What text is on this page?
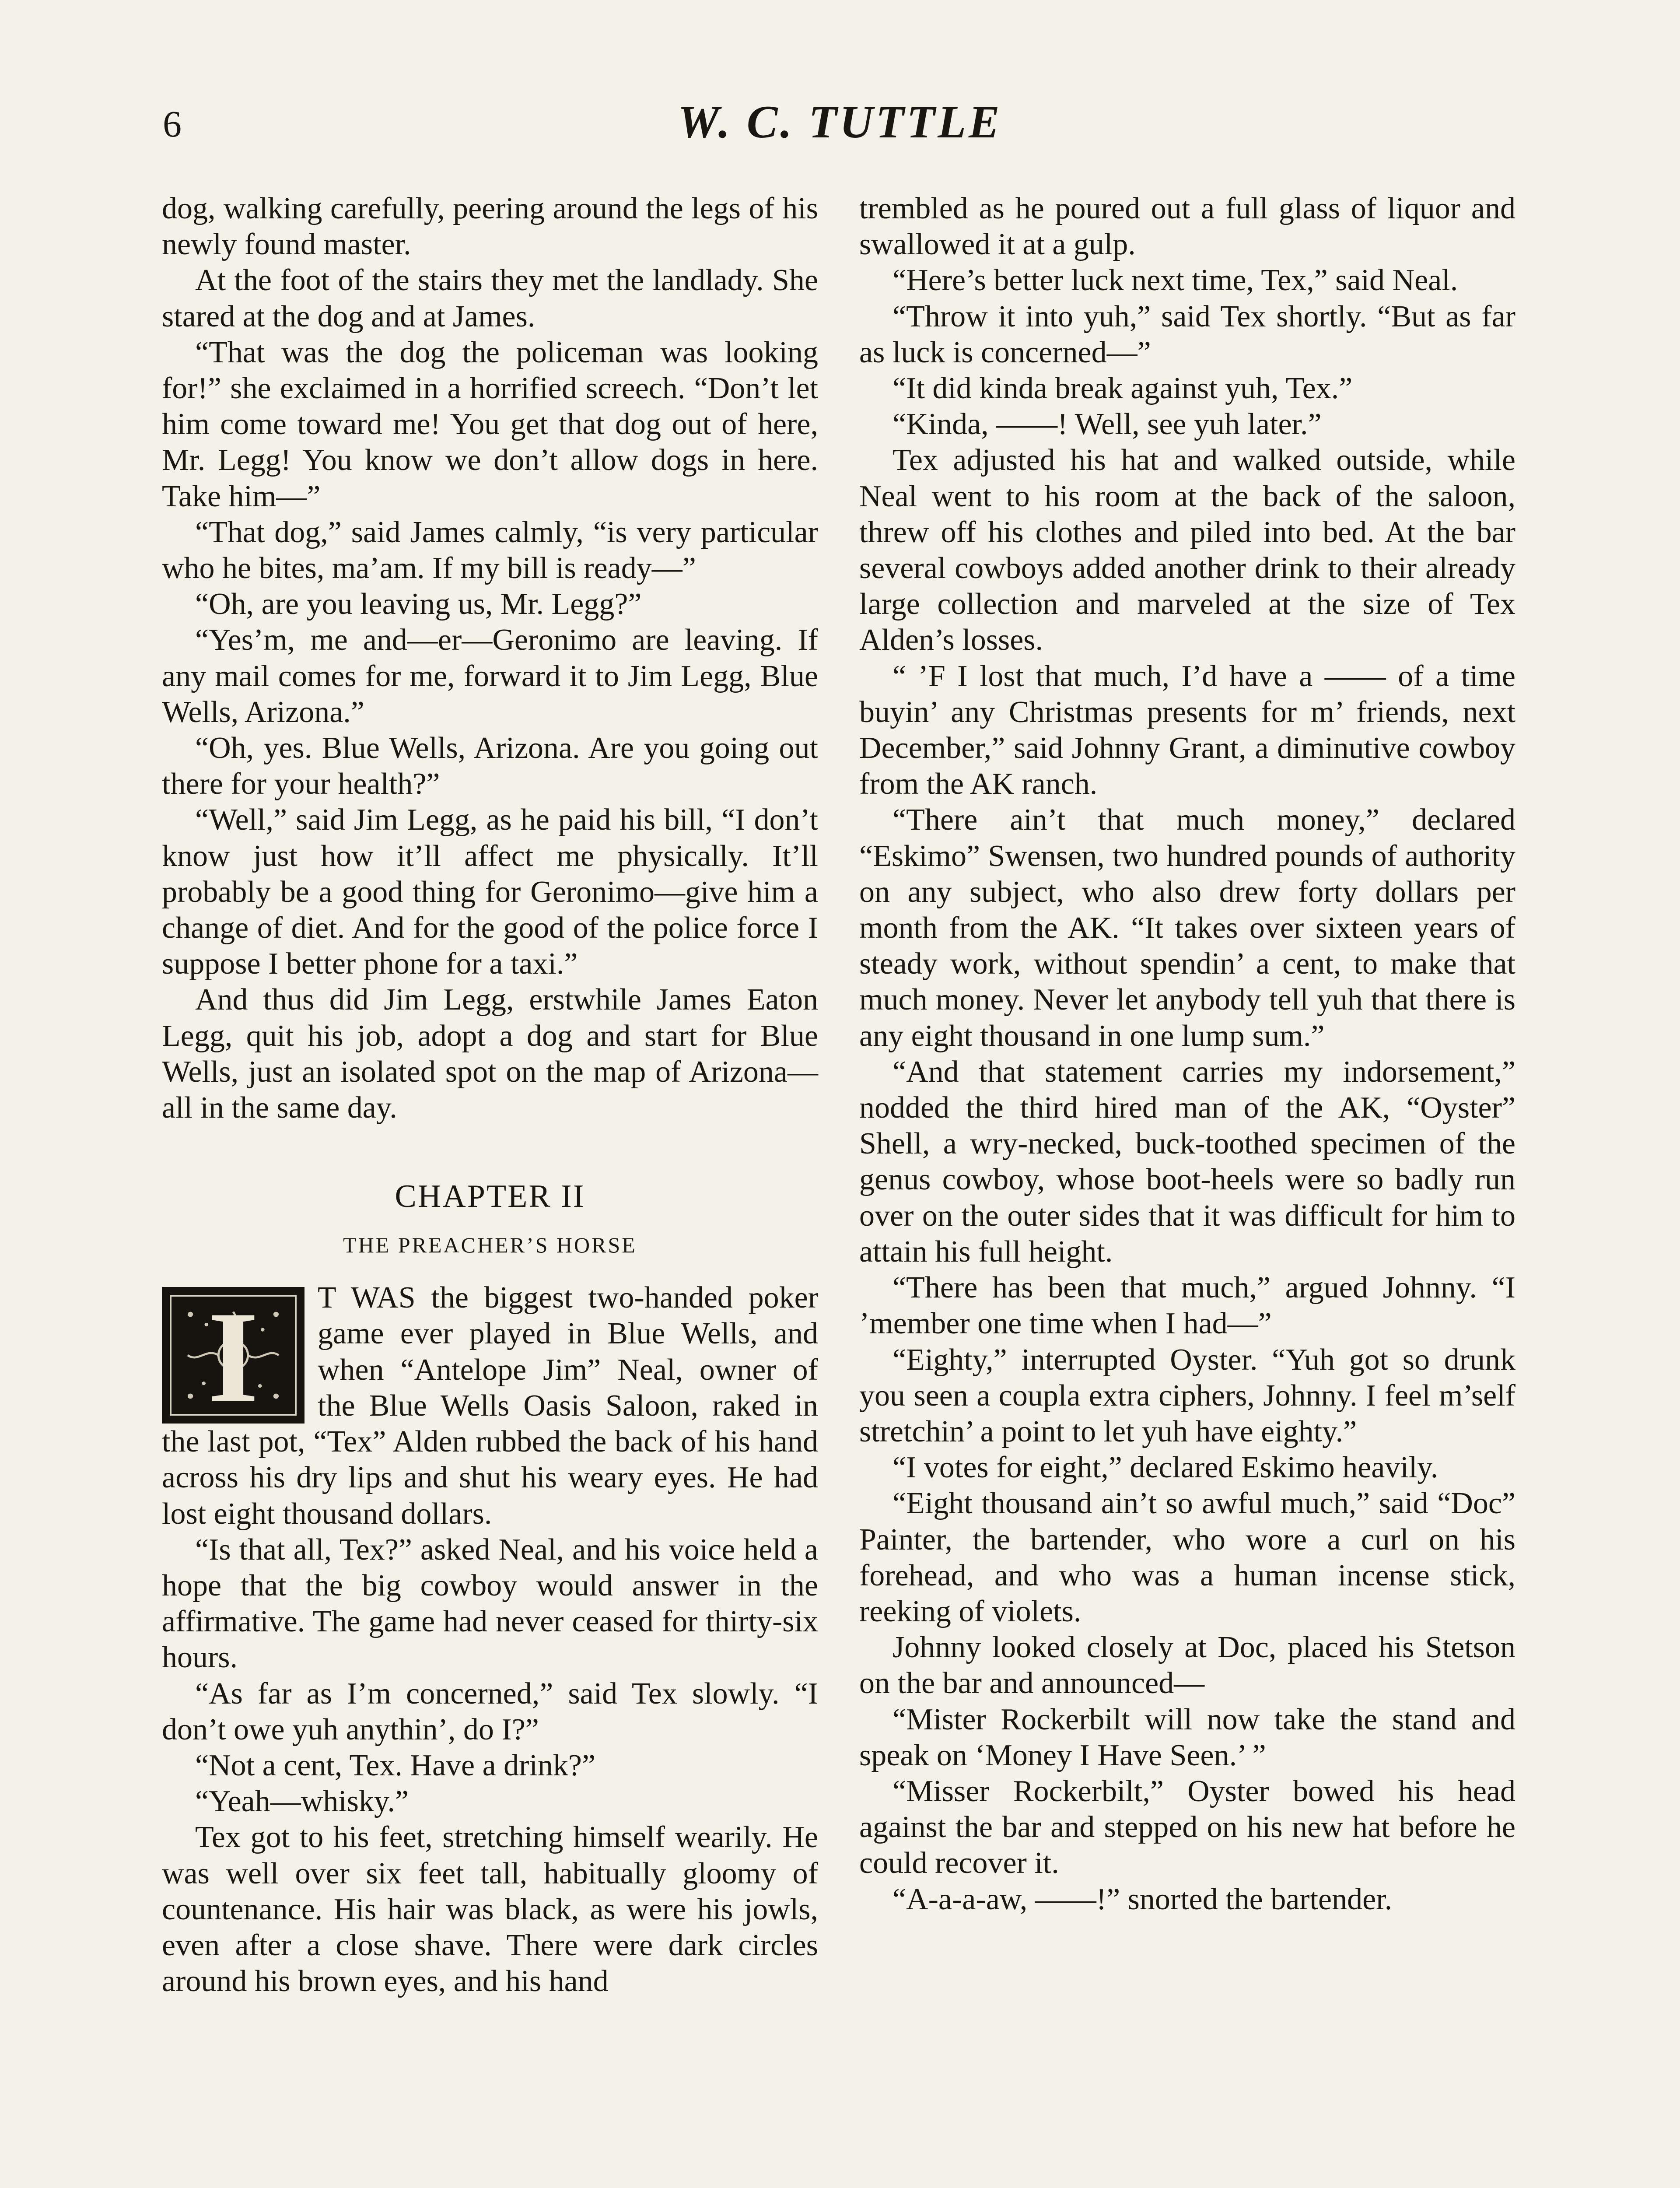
6	W. C. TUTTLE

dog, walking carefully, peering around the legs of his newly found master.

At the foot of the stairs they met the landlady. She stared at the dog and at James.

“That was the dog the policeman was looking for!” she exclaimed in a horrified screech. “Don’t let him come toward me! You get that dog out of here, Mr. Legg! You know we don’t allow dogs in here. Take him—”

“That dog,” said James calmly, “is very particular who he bites, ma’am. If my bill is ready—”

“Oh, are you leaving us, Mr. Legg?”

“Yes’m, me and—er—Geronimo are leaving. If any mail comes for me, forward it to Jim Legg, Blue Wells, Arizona.”

“Oh, yes. Blue Wells, Arizona. Are you going out there for your health?”

“Well,” said Jim Legg, as he paid his bill, “I don’t know just how it’ll affect me physically. It’ll probably be a good thing for Geronimo—give him a change of diet. And for the good of the police force I suppose I better phone for a taxi.”

And thus did Jim Legg, erstwhile James Eaton Legg, quit his job, adopt a dog and start for Blue Wells, just an isolated spot on the map of Arizona—all in the same day.

CHAPTER II
THE PREACHER’S HORSE

I	T WAS the biggest two-handed poker game ever played in Blue Wells, and when “Antelope Jim” Neal, owner of the Blue Wells Oasis Saloon, raked in the last pot, “Tex” Alden rubbed the back of his hand across his dry lips and shut his weary eyes. He had lost eight thousand dollars.

“Is that all, Tex?” asked Neal, and his voice held a hope that the big cowboy would answer in the affirmative. The game had never ceased for thirty-six hours.

“As far as I’m concerned,” said Tex slowly. “I don’t owe yuh anythin’, do I?”

“Not a cent, Tex. Have a drink?”

“Yeah—whisky.”

Tex got to his feet, stretching himself wearily. He was well over six feet tall, habitually gloomy of countenance. His hair was black, as were his jowls, even after a close shave. There were dark circles around his brown eyes, and his hand

trembled as he poured out a full glass of liquor and swallowed it at a gulp.

“Here’s better luck next time, Tex,” said Neal.

“Throw it into yuh,” said Tex shortly. “But as far as luck is concerned—”

“It did kinda break against yuh, Tex.”

“Kinda, ——! Well, see yuh later.”

Tex adjusted his hat and walked outside, while Neal went to his room at the back of the saloon, threw off his clothes and piled into bed. At the bar several cowboys added another drink to their already large collection and marveled at the size of Tex Alden’s losses.

“ ’F I lost that much, I’d have a —— of a time buyin’ any Christmas presents for m’ friends, next December,” said Johnny Grant, a diminutive cowboy from the AK ranch.

“There ain’t that much money,” declared “Eskimo” Swensen, two hundred pounds of authority on any subject, who also drew forty dollars per month from the AK. “It takes over sixteen years of steady work, without spendin’ a cent, to make that much money. Never let anybody tell yuh that there is any eight thousand in one lump sum.”

“And that statement carries my indorsement,” nodded the third hired man of the AK, “Oyster” Shell, a wry-necked, buck-toothed specimen of the genus cowboy, whose boot-heels were so badly run over on the outer sides that it was difficult for him to attain his full height.

“There has been that much,” argued Johnny. “I ’member one time when I had—”

“Eighty,” interrupted Oyster. “Yuh got so drunk you seen a coupla extra ciphers, Johnny. I feel m’self stretchin’ a point to let yuh have eighty.”

“I votes for eight,” declared Eskimo heavily.

“Eight thousand ain’t so awful much,” said “Doc” Painter, the bartender, who wore a curl on his forehead, and who was a human incense stick, reeking of violets.

Johnny looked closely at Doc, placed his Stetson on the bar and announced—

“Mister Rockerbilt will now take the stand and speak on ‘Money I Have Seen.’ ”

“Misser Rockerbilt,” Oyster bowed his head against the bar and stepped on his new hat before he could recover it.

“A-a-a-aw, ——!” snorted the bartender.
